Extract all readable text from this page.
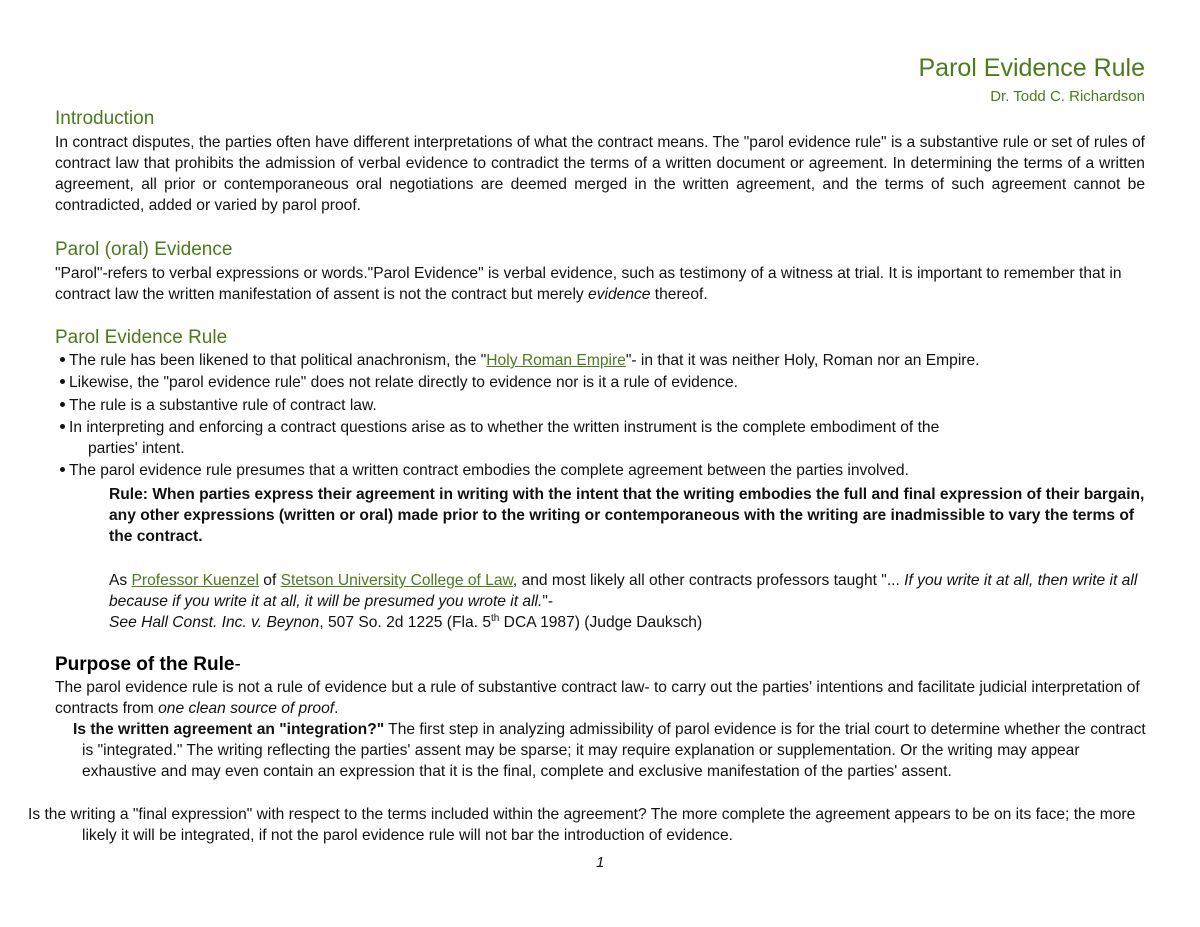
Parol Evidence Rule
Dr. Todd C. Richardson
Introduction
In contract disputes, the parties often have different interpretations of what the contract means. The "parol evidence rule" is a substantive rule or set of rules of contract law that prohibits the admission of verbal evidence to contradict the terms of a written document or agreement. In determining the terms of a written agreement, all prior or contemporaneous oral negotiations are deemed merged in the written agreement, and the terms of such agreement cannot be contradicted, added or varied by parol proof.
Parol (oral) Evidence
"Parol"-refers to verbal expressions or words."Parol Evidence" is verbal evidence, such as testimony of a witness at trial. It is important to remember that in contract law the written manifestation of assent is not the contract but merely evidence thereof.
Parol Evidence Rule
The rule has been likened to that political anachronism, the "Holy Roman Empire"- in that it was neither Holy, Roman nor an Empire.
Likewise, the "parol evidence rule" does not relate directly to evidence nor is it a rule of evidence.
The rule is a substantive rule of contract law.
In interpreting and enforcing a contract questions arise as to whether the written instrument is the complete embodiment of the
parties' intent.
The parol evidence rule presumes that a written contract embodies the complete agreement between the parties involved.
Rule: When parties express their agreement in writing with the intent that the writing embodies the full and final expression of their bargain, any other expressions (written or oral) made prior to the writing or contemporaneous with the writing are inadmissible to vary the terms of the contract.
As Professor Kuenzel of Stetson University College of Law, and most likely all other contracts professors taught "... If you write it at all, then write it all because if you write it at all, it will be presumed you wrote it all."-
See Hall Const. Inc. v. Beynon, 507 So. 2d 1225 (Fla. 5th DCA 1987) (Judge Dauksch)
Purpose of the Rule-
The parol evidence rule is not a rule of evidence but a rule of substantive contract law- to carry out the parties' intentions and facilitate judicial interpretation of contracts from one clean source of proof.
Is the written agreement an "integration?" The first step in analyzing admissibility of parol evidence is for the trial court to determine whether the contract is "integrated." The writing reflecting the parties' assent may be sparse; it may require explanation or supplementation. Or the writing may appear exhaustive and may even contain an expression that it is the final, complete and exclusive manifestation of the parties' assent.
Is the writing a "final expression" with respect to the terms included within the agreement? The more complete the agreement appears to be on its face; the more likely it will be integrated, if not the parol evidence rule will not bar the introduction of evidence.
1
